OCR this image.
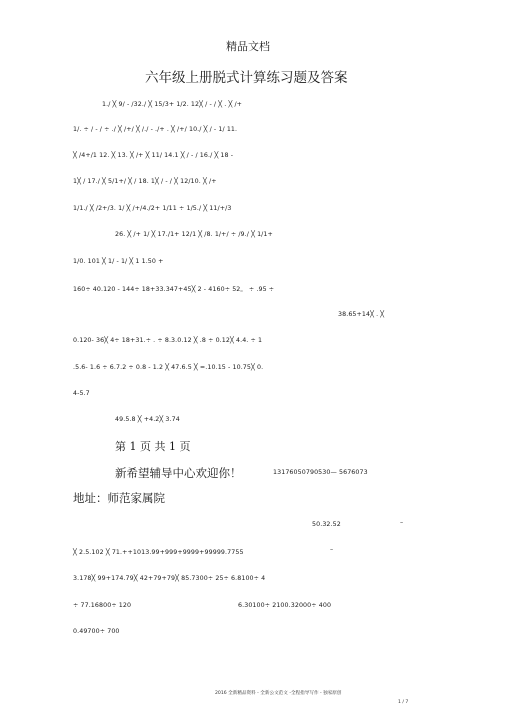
精品文档
六年级上册脱式计算练习题及答案
1./ ╳ 9/ - /32./ ╳ 15/3+ 1/2. 12╳ / - / ╳ . ╳ /+
1/. ÷ / - / ÷ ./ ╳ /+/ ╳ /./ - ./+ . ╳ /+/ 10./ ╳ / - 1/ 11.
╳ /4+/1 12. ╳ 13. ╳ /+ ╳ 11/ 14.1 ╳ / - / 16./ ╳ 18 -
1╳ / 17./ ╳ 5/1+/ ╳ / 18. 1╳ / - / ╳ 12/10. ╳ /+
1/1./ ╳ /2+/3. 1/ ╳ /+/4./2+ 1/11 ÷ 1/5./ ╳ 11/+/3
26. ╳ /+ 1/ ╳ 17./1+ 12/1 ╳ /8. 1/+/ ÷ /9./ ╳ 1/1+
1/0. 101 ╳ 1/ - 1/ ╳ 1 1.50 +
160÷ 40.120 - 144÷ 18+33.347+45╳ 2 - 4160÷ 52。 ÷ .95 ÷
38.65+14╳ . ╳
0.120- 36╳ 4÷ 18+31.÷ . ÷ 8.3.0.12 ╳ .8 ÷ 0.12╳ 4.4. ÷ 1
.5.6- 1.6 ÷ 6.7.2 ÷ 0.8 - 1.2 ╳ 47.6.5 ╳ =.10.15 - 10.75╳ 0.
4-5.7
49.5.8 ╳ +4.2╳ 3.74
第 1 页 共 1 页
新希望辅导中心欢迎你！	13176050790530— 5676073
地址：师范家属院
50.32.52	–
╳ 2.5.102 ╳ 71.++1013.99+999+9999+99999.7755	–
3.178╳ 99+174.79╳ 42+79+79╳ 85.7300÷ 25÷ 6.8100÷ 4
÷ 77.16800÷ 120	6.30100÷ 2100.32000÷ 400
0.49700÷ 700
2016 全新精品资料 - 全新公文范文 -全程指导写作 - 独家原创
1 / 7
